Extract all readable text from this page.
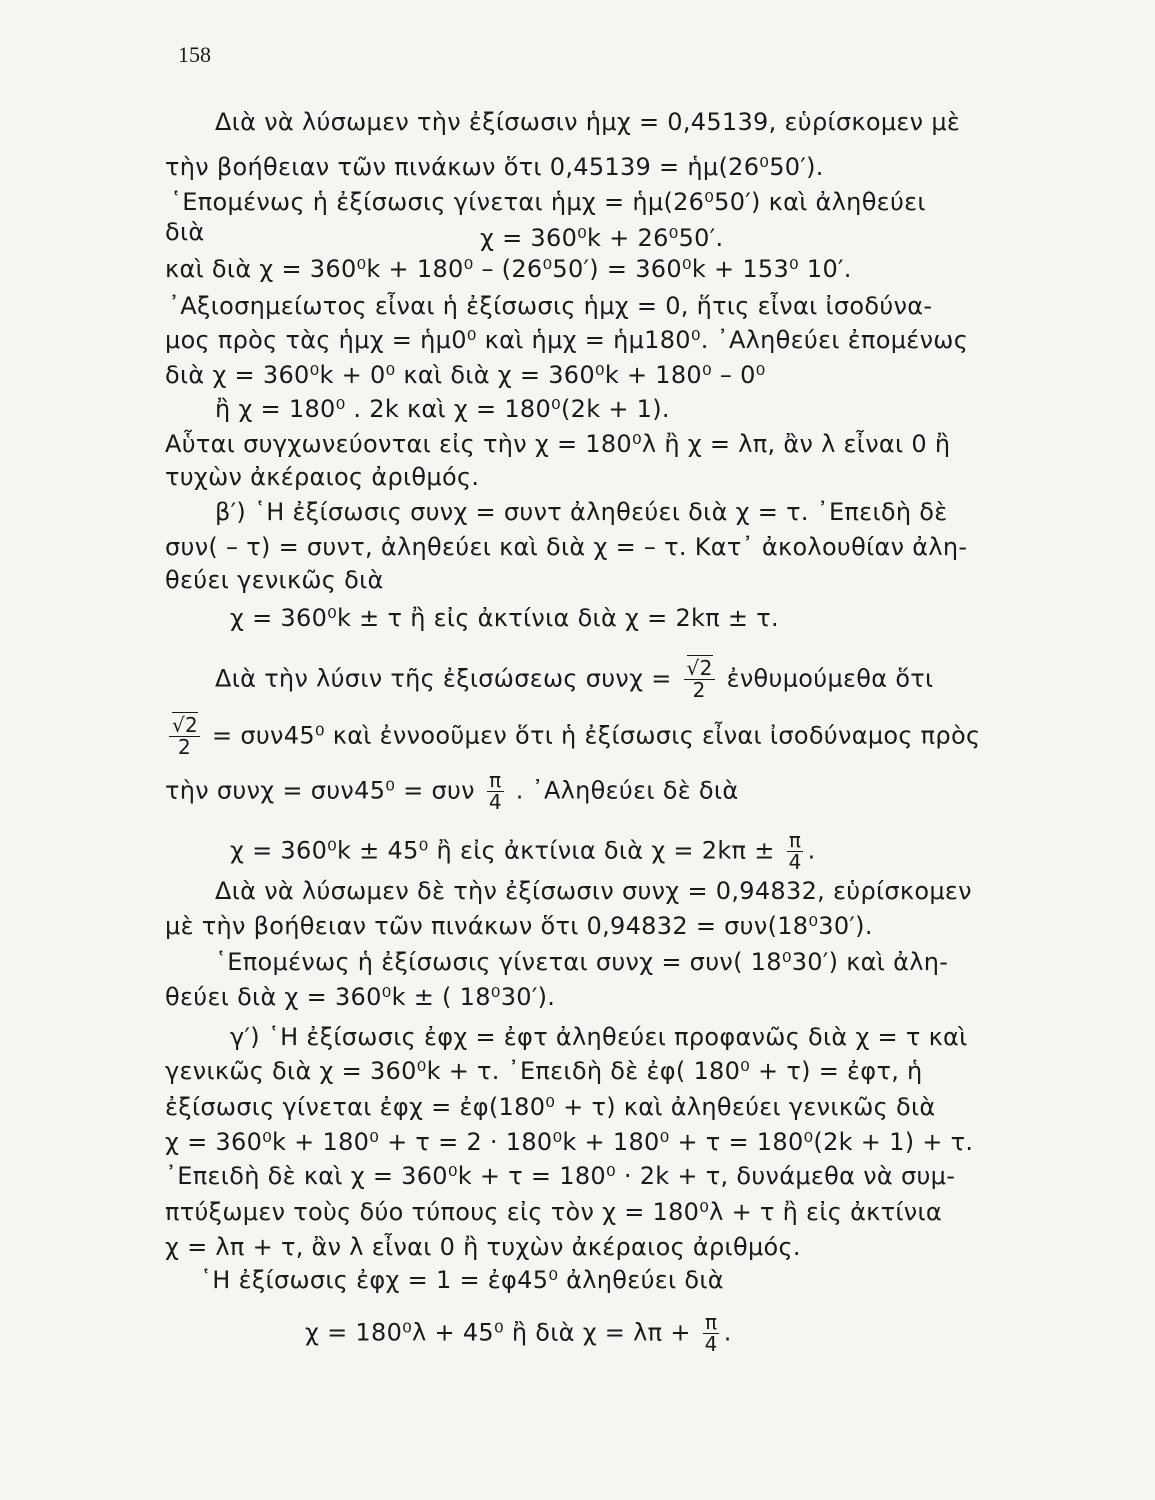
158
Διὰ νὰ λύσωμεν τὴν ἐξίσωσιν ἡμχ = 0,45139, εὑρίσκομεν μὲ
τὴν βοήθειαν τῶν πινάκων ὅτι 0,45139 = ἡμ(26⁰50′).
῾Επομένως ἡ ἐξίσωσις γίνεται ἡμχ = ἡμ(26⁰50′) καὶ ἀληθεύει
διὰ	χ = 360⁰k + 26⁰50′.
καὶ διὰ χ = 360⁰k + 180⁰ – (26⁰50′) = 360⁰k + 153⁰ 10′.
᾿Αξιοσημείωτος εἶναι ἡ ἐξίσωσις ἡμχ = 0, ἥτις εἶναι ἰσοδύνα-
μος πρὸς τὰς ἡμχ = ἡμ0⁰ καὶ ἡμχ = ἡμ180⁰. ᾿Αληθεύει ἐπομένως
διὰ χ = 360⁰k + 0⁰ καὶ διὰ χ = 360⁰k + 180⁰ – 0⁰
ἢ χ = 180⁰ . 2k καὶ χ = 180⁰(2k + 1).
Αὗται συγχωνεύονται εἰς τὴν χ = 180⁰λ ἢ χ = λπ, ἂν λ εἶναι 0 ἢ
τυχὼν ἀκέραιος ἀριθμός.
β′) ῾Η ἐξίσωσις συνχ = συντ ἀληθεύει διὰ χ = τ. ᾿Επειδὴ δὲ
συν( – τ) = συντ, ἀληθεύει καὶ διὰ χ = – τ. Κατ᾿ ἀκολουθίαν ἀλη-
θεύει γενικῶς διὰ
χ = 360⁰k ± τ ἢ εἰς ἀκτίνια διὰ χ = 2kπ ± τ.
Διὰ τὴν λύσιν τῆς ἐξισώσεως $\sigma\upsilon\nu\chi = \frac{√2}{2}$ ἐνθυμούμεθα ὅτι
$\frac{√2}{2} = \sigma\upsilon\nu 45^0$ καὶ ἐννοοῦμεν ὅτι ἡ ἐξίσωσις εἶναι ἰσοδύναμος πρὸς
τὴν συνχ = συν45⁰ = συν $\frac{\pi}{4}$ . ᾿Αληθεύει δὲ διὰ
χ = 360⁰k ± 45⁰ ἢ εἰς ἀκτίνια διὰ $\chi = 2k\pi \pm \frac{\pi}{4}$ .
Διὰ νὰ λύσωμεν δὲ τὴν ἐξίσωσιν συνχ = 0,94832, εὑρίσκομεν
μὲ τὴν βοήθειαν τῶν πινάκων ὅτι 0,94832 = συν(18⁰30′).
῾Επομένως ἡ ἐξίσωσις γίνεται συνχ = συν( 18⁰30′) καὶ ἀλη-
θεύει διὰ χ = 360⁰k ± ( 18⁰30′).
γ′) ῾Η ἐξίσωσις ἐφχ = ἐφτ ἀληθεύει προφανῶς διὰ χ = τ καὶ
γενικῶς διὰ χ = 360⁰k + τ. ᾿Επειδὴ δὲ ἐφ( 180⁰ + τ) = ἐφτ, ἡ
ἐξίσωσις γίνεται ἐφχ = ἐφ(180⁰ + τ) καὶ ἀληθεύει γενικῶς διὰ
χ = 360⁰k + 180⁰ + τ = 2 · 180⁰k + 180⁰ + τ = 180⁰(2k + 1) + τ.
᾿Επειδὴ δὲ καὶ χ = 360⁰k + τ = 180⁰ · 2k + τ, δυνάμεθα νὰ συμ-
πτύξωμεν τοὺς δύο τύπους εἰς τὸν χ = 180⁰λ + τ ἢ εἰς ἀκτίνια
χ = λπ + τ, ἂν λ εἶναι 0 ἢ τυχὼν ἀκέραιος ἀριθμός.
῾Η ἐξίσωσις ἐφχ = 1 = ἐφ45⁰ ἀληθεύει διὰ
χ = 180⁰λ + 45⁰ ἢ διὰ $\chi = \lambda\pi + \frac{\pi}{4}$ .
